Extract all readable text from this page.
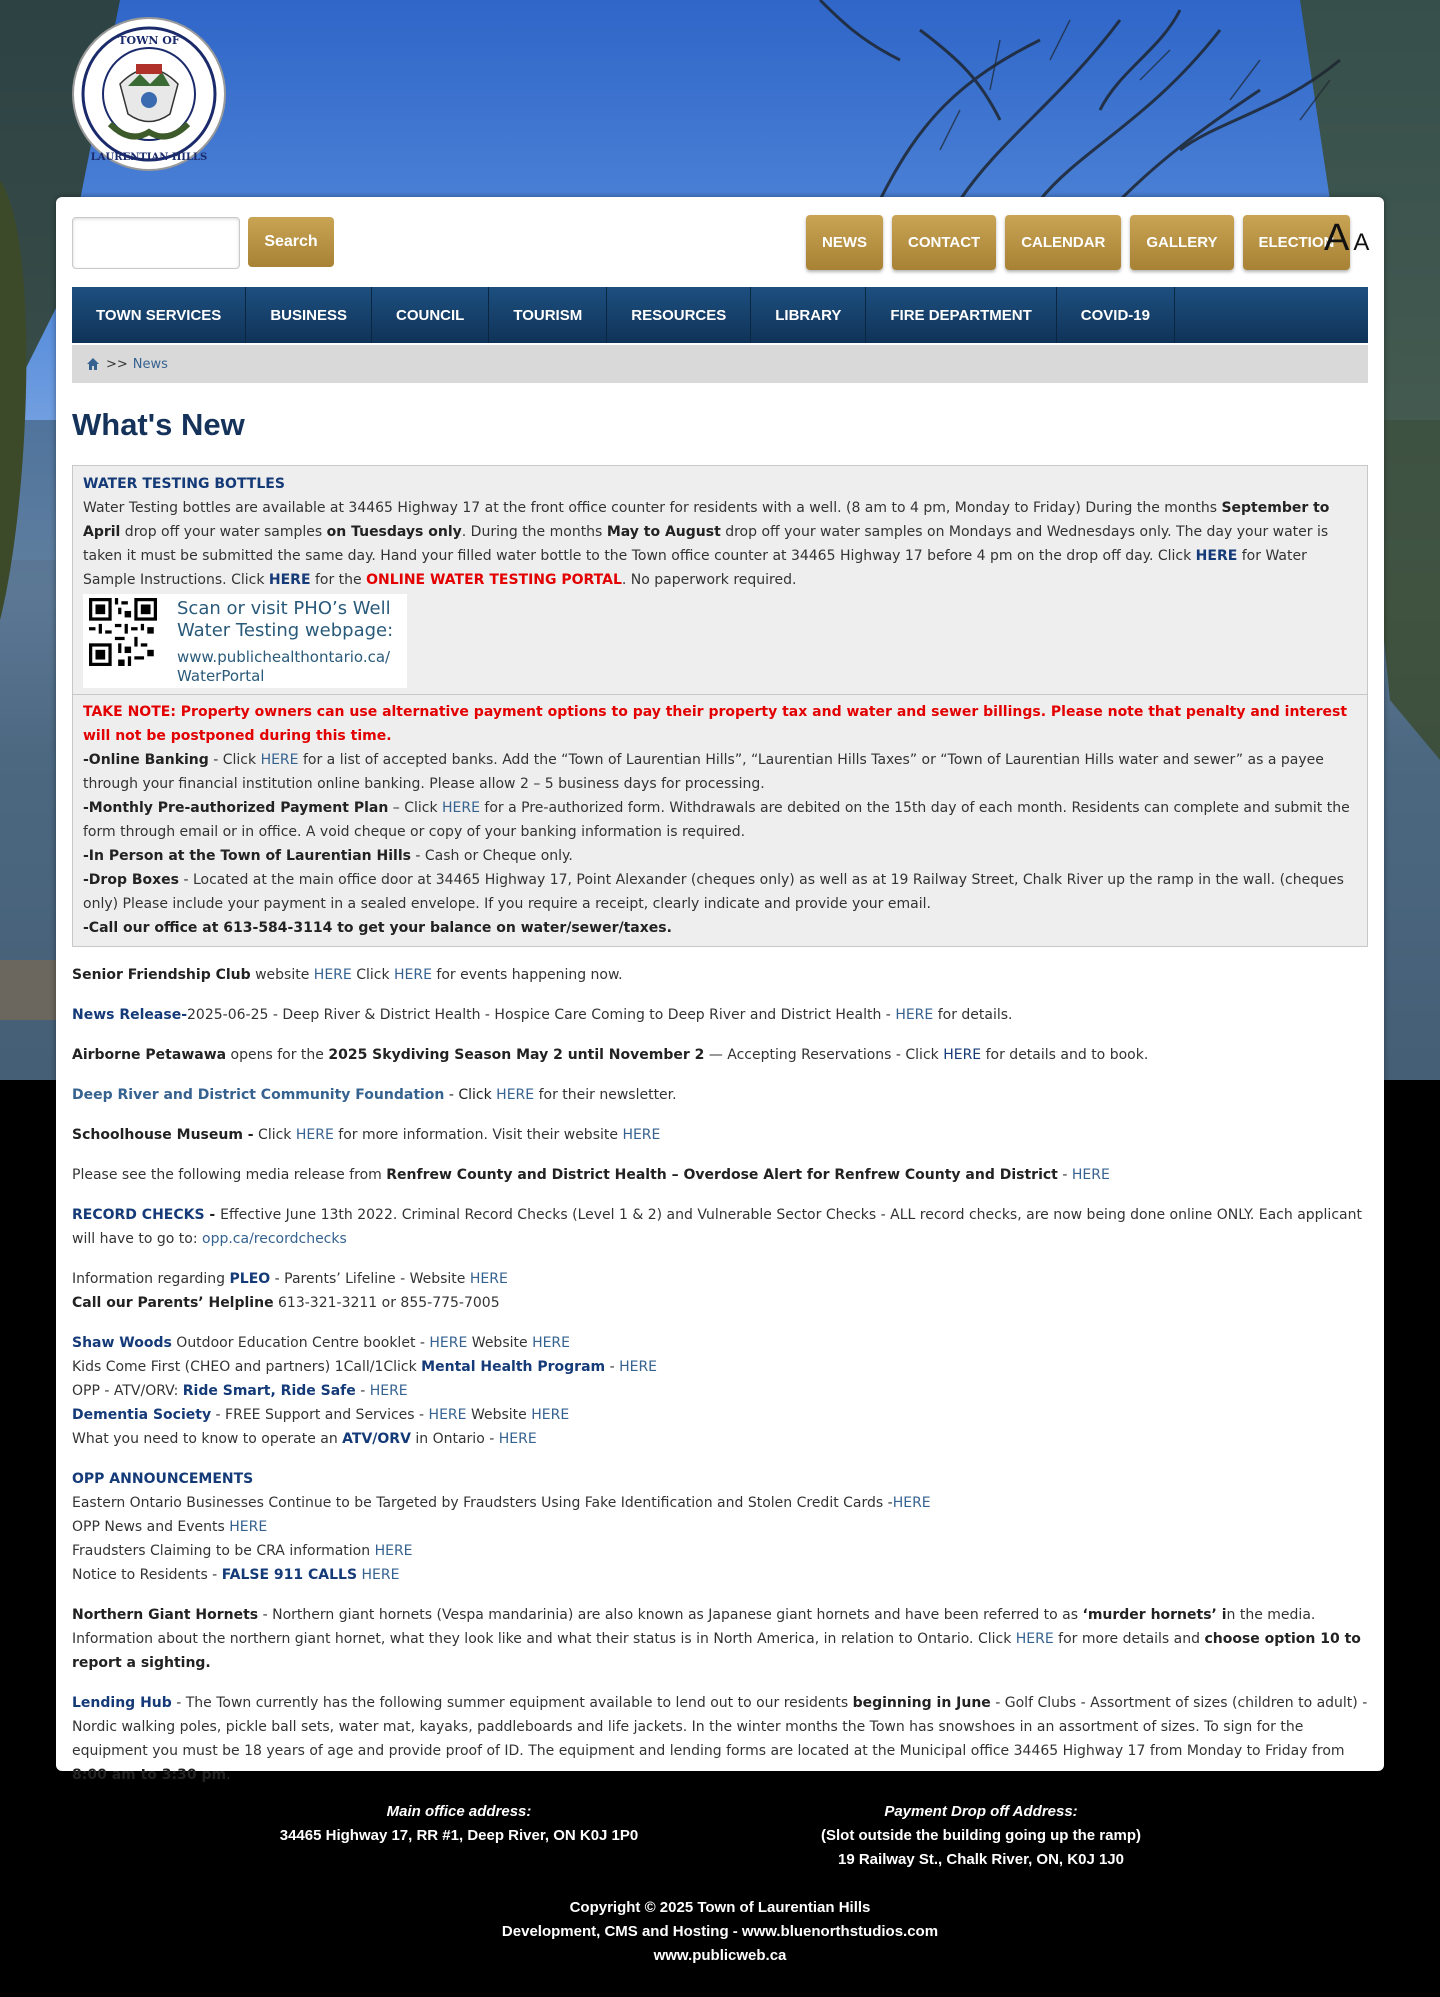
TOWN OF
LAURENTIAN HILLS
Search	NEWS	CONTACT	CALENDAR	GALLERY	ELECTION
A A
TOWN SERVICES	BUSINESS	COUNCIL	TOURISM	RESOURCES	LIBRARY	FIRE DEPARTMENT	COVID-19
>> News
What's New

WATER TESTING BOTTLES

Water Testing bottles are available at 34465 Highway 17 at the front office counter for residents with a well. (8 am to 4 pm, Monday to Friday) During the months September to April drop off your water samples on Tuesdays only. During the months May to August drop off your water samples on Mondays and Wednesdays only. The day your water is taken it must be submitted the same day. Hand your filled water bottle to the Town office counter at 34465 Highway 17 before 4 pm on the drop off day. Click HERE for Water Sample Instructions. Click HERE for the ONLINE WATER TESTING PORTAL. No paperwork required.

Scan or visit PHO’s Well
Water Testing webpage:
www.publichealthontario.ca/
WaterPortal

TAKE NOTE: Property owners can use alternative payment options to pay their property tax and water and sewer billings. Please note that penalty and interest will not be postponed during this time.

-Online Banking - Click HERE for a list of accepted banks. Add the “Town of Laurentian Hills”, “Laurentian Hills Taxes” or “Town of Laurentian Hills water and sewer” as a payee through your financial institution online banking. Please allow 2 – 5 business days for processing.

-Monthly Pre-authorized Payment Plan – Click HERE for a Pre-authorized form. Withdrawals are debited on the 15th day of each month. Residents can complete and submit the form through email or in office. A void cheque or copy of your banking information is required.

-In Person at the Town of Laurentian Hills - Cash or Cheque only.

-Drop Boxes - Located at the main office door at 34465 Highway 17, Point Alexander (cheques only) as well as at 19 Railway Street, Chalk River up the ramp in the wall. (cheques only) Please include your payment in a sealed envelope. If you require a receipt, clearly indicate and provide your email.

-Call our office at 613-584-3114 to get your balance on water/sewer/taxes.

Senior Friendship Club website HERE Click HERE for events happening now.

News Release-2025-06-25 - Deep River & District Health - Hospice Care Coming to Deep River and District Health - HERE for details.

Airborne Petawawa opens for the 2025 Skydiving Season May 2 until November 2 — Accepting Reservations - Click HERE for details and to book.

Deep River and District Community Foundation - Click HERE for their newsletter.

Schoolhouse Museum - Click HERE for more information. Visit their website HERE

Please see the following media release from Renfrew County and District Health – Overdose Alert for Renfrew County and District - HERE

RECORD CHECKS - Effective June 13th 2022. Criminal Record Checks (Level 1 & 2) and Vulnerable Sector Checks - ALL record checks, are now being done online ONLY. Each applicant will have to go to: opp.ca/recordchecks

Information regarding PLEO - Parents’ Lifeline - Website HERE

Call our Parents’ Helpline 613-321-3211 or 855-775-7005

Shaw Woods Outdoor Education Centre booklet - HERE Website HERE

Kids Come First (CHEO and partners) 1Call/1Click Mental Health Program - HERE

OPP - ATV/ORV: Ride Smart, Ride Safe - HERE

Dementia Society - FREE Support and Services - HERE Website HERE

What you need to know to operate an ATV/ORV in Ontario - HERE

OPP ANNOUNCEMENTS

Eastern Ontario Businesses Continue to be Targeted by Fraudsters Using Fake Identification and Stolen Credit Cards -HERE

OPP News and Events HERE

Fraudsters Claiming to be CRA information HERE

Notice to Residents - FALSE 911 CALLS HERE

Northern Giant Hornets - Northern giant hornets (Vespa mandarinia) are also known as Japanese giant hornets and have been referred to as ‘murder hornets’ in the media. Information about the northern giant hornet, what they look like and what their status is in North America, in relation to Ontario. Click HERE for more details and choose option 10 to report a sighting.

Lending Hub - The Town currently has the following summer equipment available to lend out to our residents beginning in June - Golf Clubs - Assortment of sizes (children to adult) - Nordic walking poles, pickle ball sets, water mat, kayaks, paddleboards and life jackets. In the winter months the Town has snowshoes in an assortment of sizes. To sign for the equipment you must be 18 years of age and provide proof of ID. The equipment and lending forms are located at the Municipal office 34465 Highway 17 from Monday to Friday from 8:00 am to 3:30 pm.

Main office address:
34465 Highway 17, RR #1, Deep River, ON K0J 1P0
Payment Drop off Address:
(Slot outside the building going up the ramp)
19 Railway St., Chalk River, ON, K0J 1J0
Copyright © 2025 Town of Laurentian Hills
Development, CMS and Hosting - www.bluenorthstudios.com
www.publicweb.ca
